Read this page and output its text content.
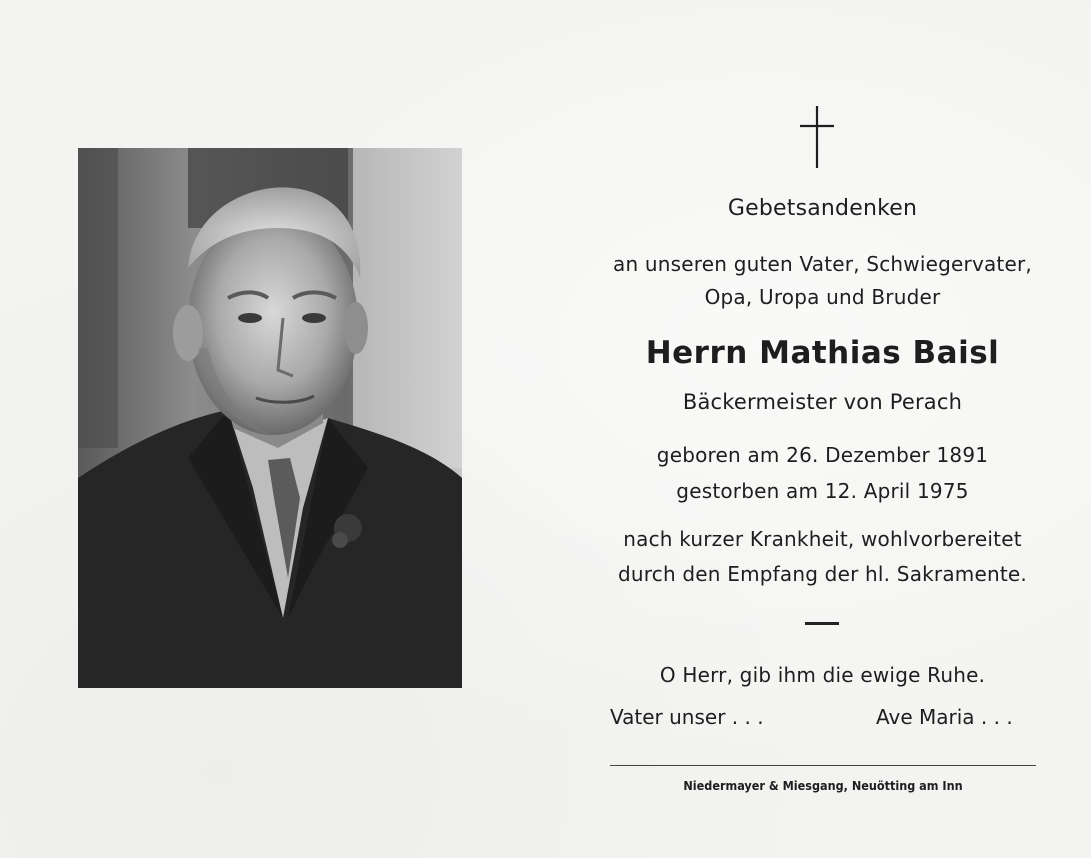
Gebetsandenken
an unseren guten Vater, Schwiegervater,
Opa, Uropa und Bruder
Herrn Mathias Baisl
Bäckermeister von Perach
geboren am 26. Dezember 1891
gestorben am 12. April 1975
nach kurzer Krankheit, wohlvorbereitet
durch den Empfang der hl. Sakramente.
O Herr, gib ihm die ewige Ruhe.
Vater unser . . .	Ave Maria . . .
Niedermayer & Miesgang, Neuötting am Inn
